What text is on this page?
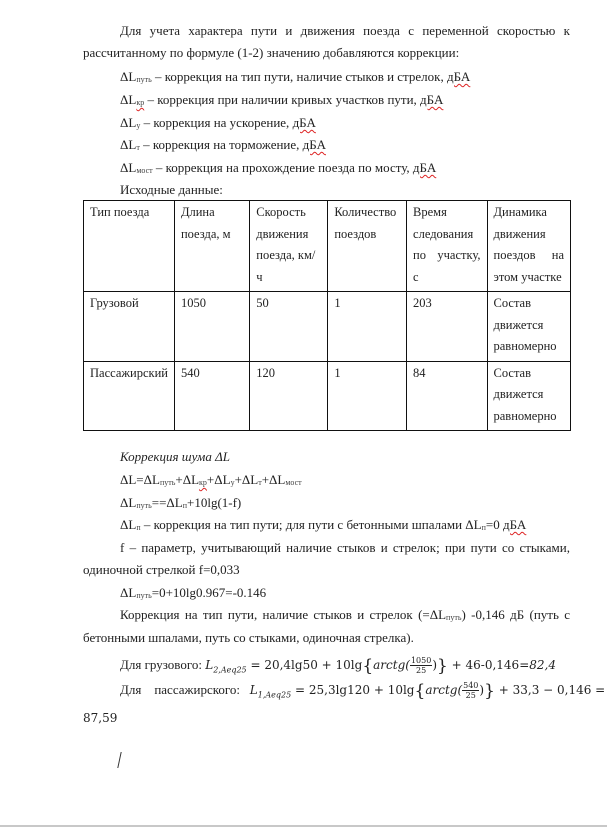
Для учета характера пути и движения поезда с переменной скоростью к
рассчитанному по формуле (1-2) значению добавляются коррекции:
$\Delta L_{путь}$ – коррекция на тип пути, наличие стыков и стрелок, дБА
$\Delta L_{кр}$ – коррекция при наличии кривых участков пути, дБА
$\Delta L_у$ – коррекция на ускорение, дБА
$\Delta L_т$ – коррекция на торможение, дБА
$\Delta L_{мост}$ – коррекция на прохождение поезда по мосту, дБА
Исходные данные:
Тип поезда	Длина поезда, м	Скорость движения поезда, км/ч	Количество поездов	Время следования по участку, с	Динамика движения поездов на этом участке
Грузовой	1050	50	1	203	Состав движется равномерно
Пассажирский	540	120	1	84	Состав движется равномерно
Коррекция шума ΔL
$\Delta L=\Delta L_{путь}+\Delta L_{кр}+\Delta L_у+\Delta L_т+\Delta L_{мост}$
$\Delta L_{путь}==\Delta L_п+10\lg(1-f)$
$\Delta L_п$ – коррекция на тип пути; для пути с бетонными шпалами $\Delta L_п=0$ дБА
f – параметр, учитывающий наличие стыков и стрелок; при пути со стыками,
одиночной стрелкой f=0,033
$\Delta L_{путь}=0+10\lg 0.967=-0.146$
Коррекция на тип пути, наличие стыков и стрелок $(=\Delta L_{путь})$ -0,146 дБ (путь с
бетонными шпалами, путь со стыками, одиночная стрелка).
Для грузового: $L_{2,Aeq25} = 20,4\lg 50$ + 10lg{arctg( $\frac{1050}{25}$ )} + 46-0,146=82,4
Для    пассажирского:   $L_{1,Aeq25} = 25,3\lg 120$ + 10lg{arctg( $\frac{540}{25}$ )} + 33,3 − 0,146 =
87,59
